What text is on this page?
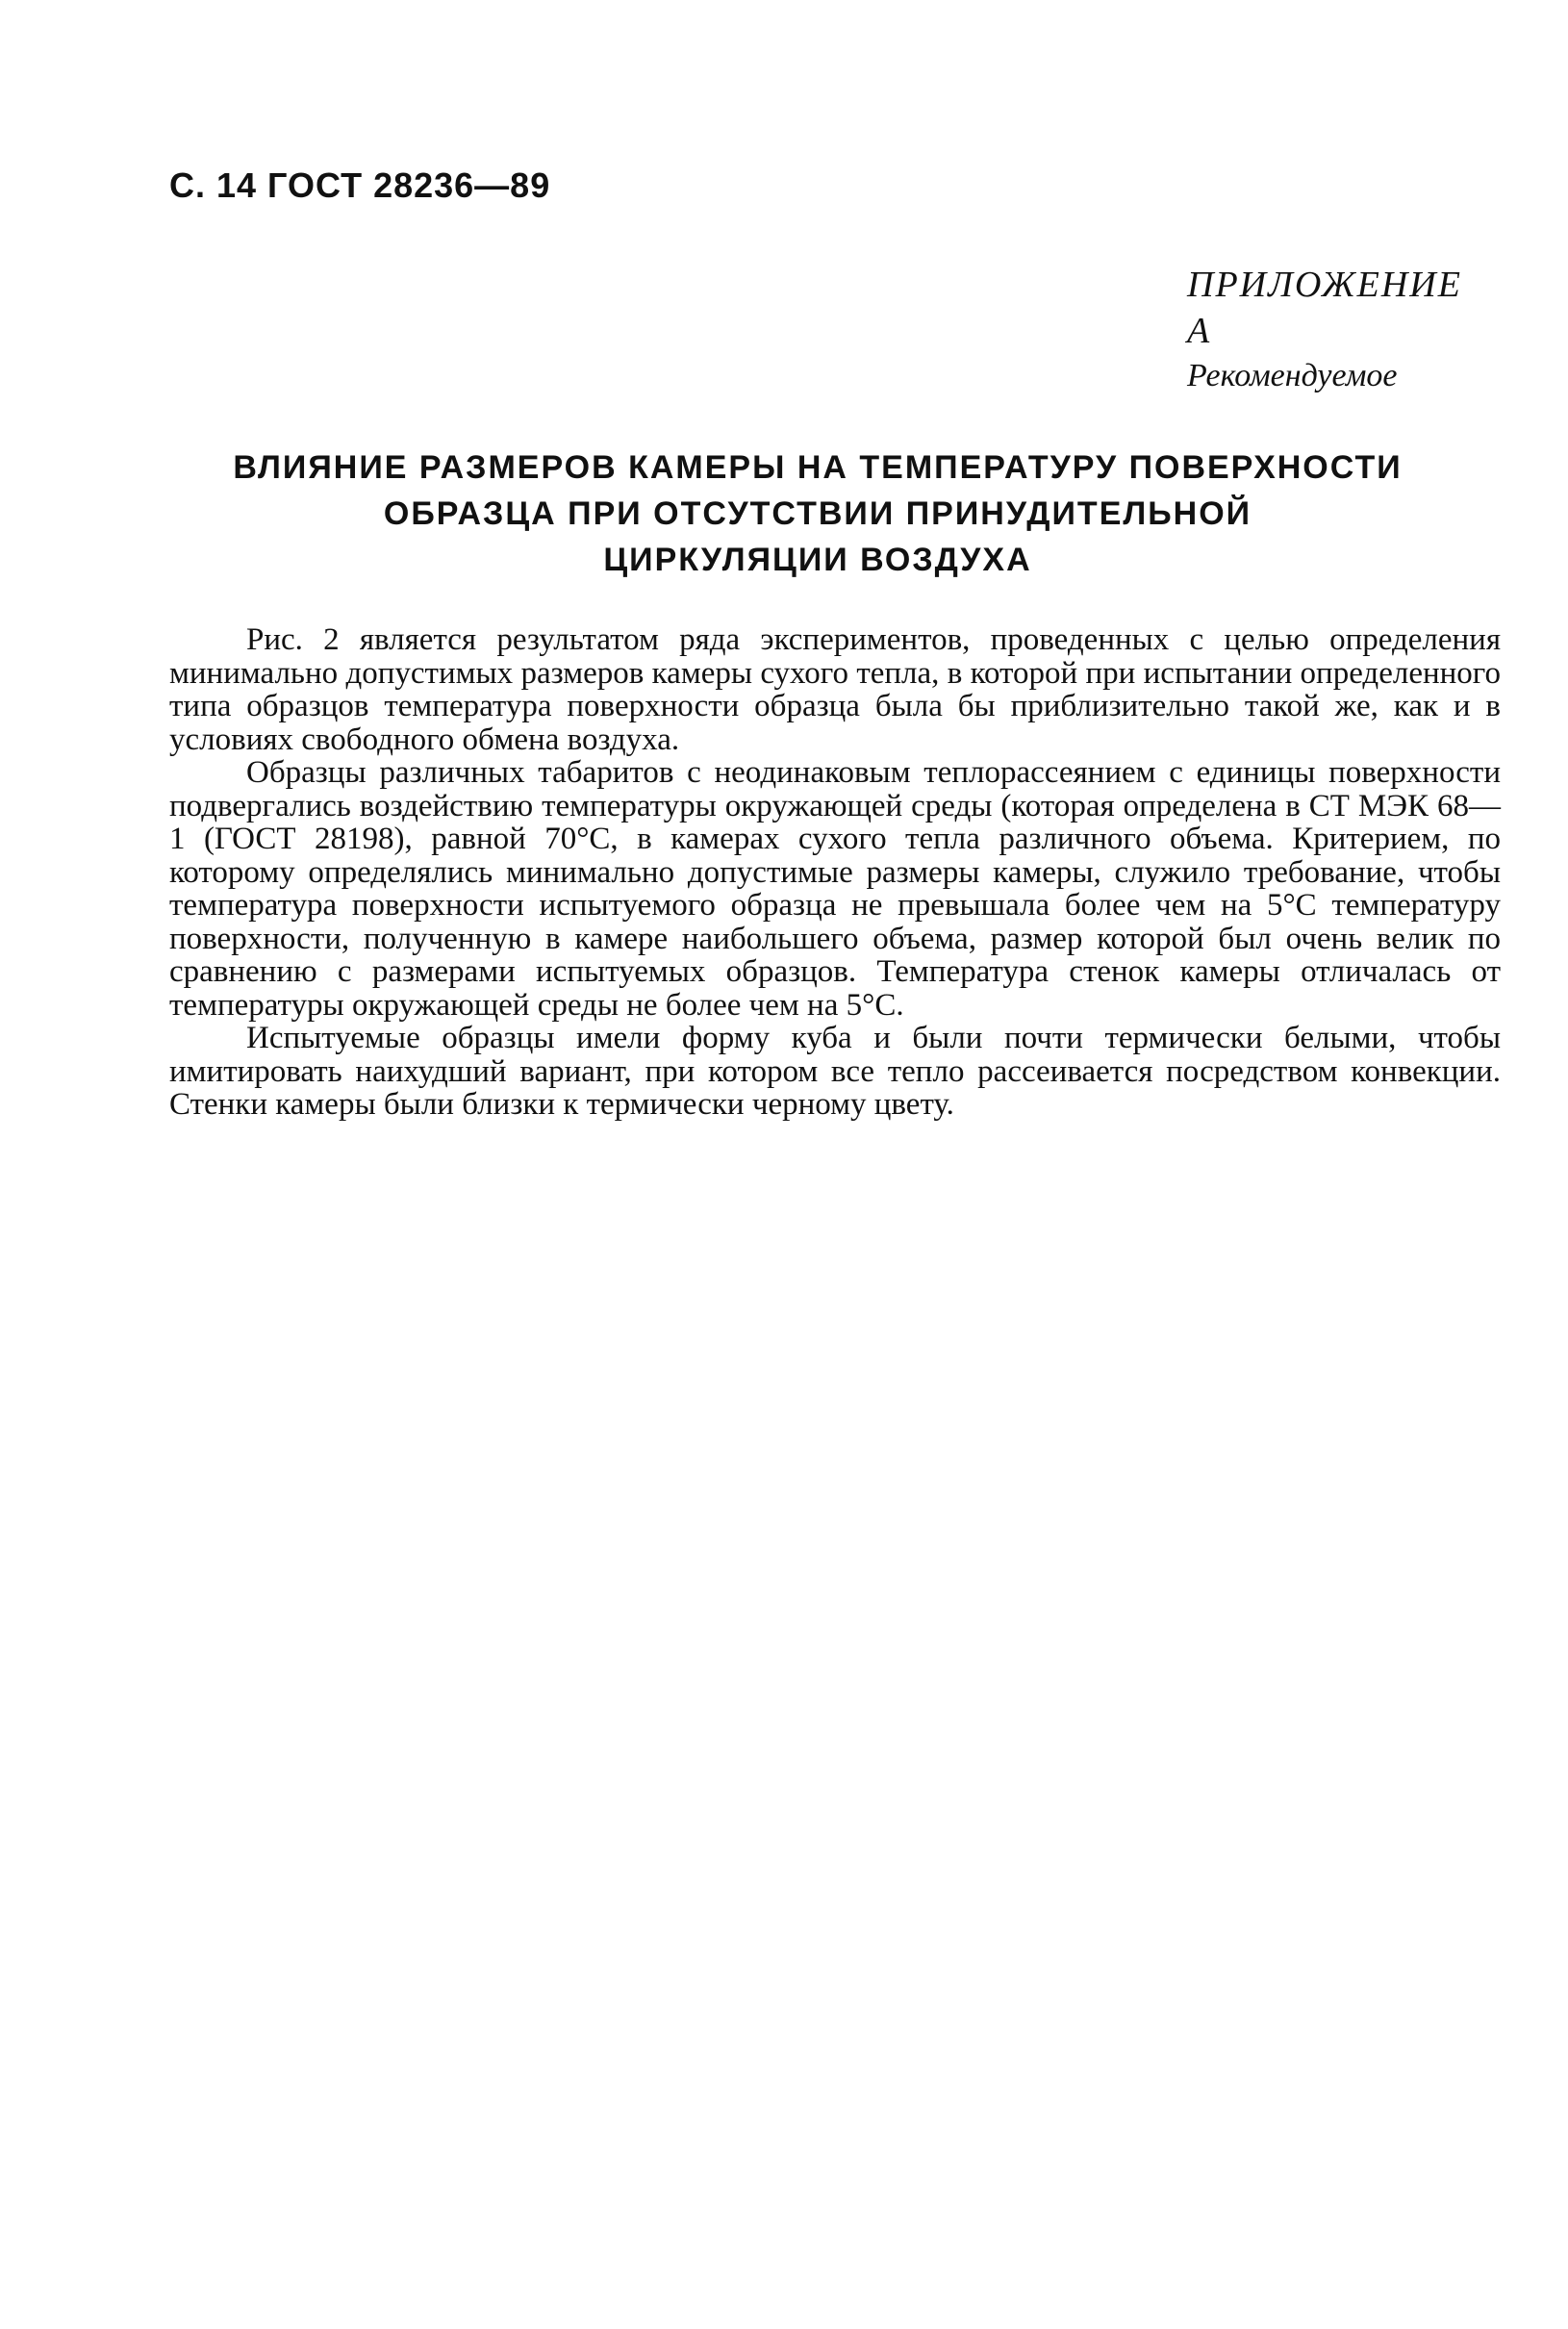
С. 14 ГОСТ 28236—89
ПРИЛОЖЕНИЕ А
Рекомендуемое
ВЛИЯНИЕ РАЗМЕРОВ КАМЕРЫ НА ТЕМПЕРАТУРУ ПОВЕРХНОСТИ
ОБРАЗЦА ПРИ ОТСУТСТВИИ ПРИНУДИТЕЛЬНОЙ
ЦИРКУЛЯЦИИ ВОЗДУХА

Рис. 2 является результатом ряда экспериментов, проведенных с целью определения минимально допустимых размеров камеры сухого тепла, в которой при испытании определенного типа образцов температура поверхности образца была бы приблизительно такой же, как и в условиях свободного обмена воздуха.

Образцы различных табаритов с неодинаковым теплорассеянием с единицы поверхности подвергались воздействию температуры окружающей среды (которая определена в СТ МЭК 68—1 (ГОСТ 28198), равной 70°С, в камерах сухого тепла различного объема. Критерием, по которому определялись минимально допустимые размеры камеры, служило требование, чтобы температура поверхности испытуемого образца не превышала более чем на 5°С температуру поверхности, полученную в камере наибольшего объема, размер которой был очень велик по сравнению с размерами испытуемых образцов. Температура стенок камеры отличалась от температуры окружающей среды не более чем на 5°С.

Испытуемые образцы имели форму куба и были почти термически белыми, чтобы имитировать наихудший вариант, при котором все тепло рассеивается посредством конвекции. Стенки камеры были близки к термически черному цвету.
